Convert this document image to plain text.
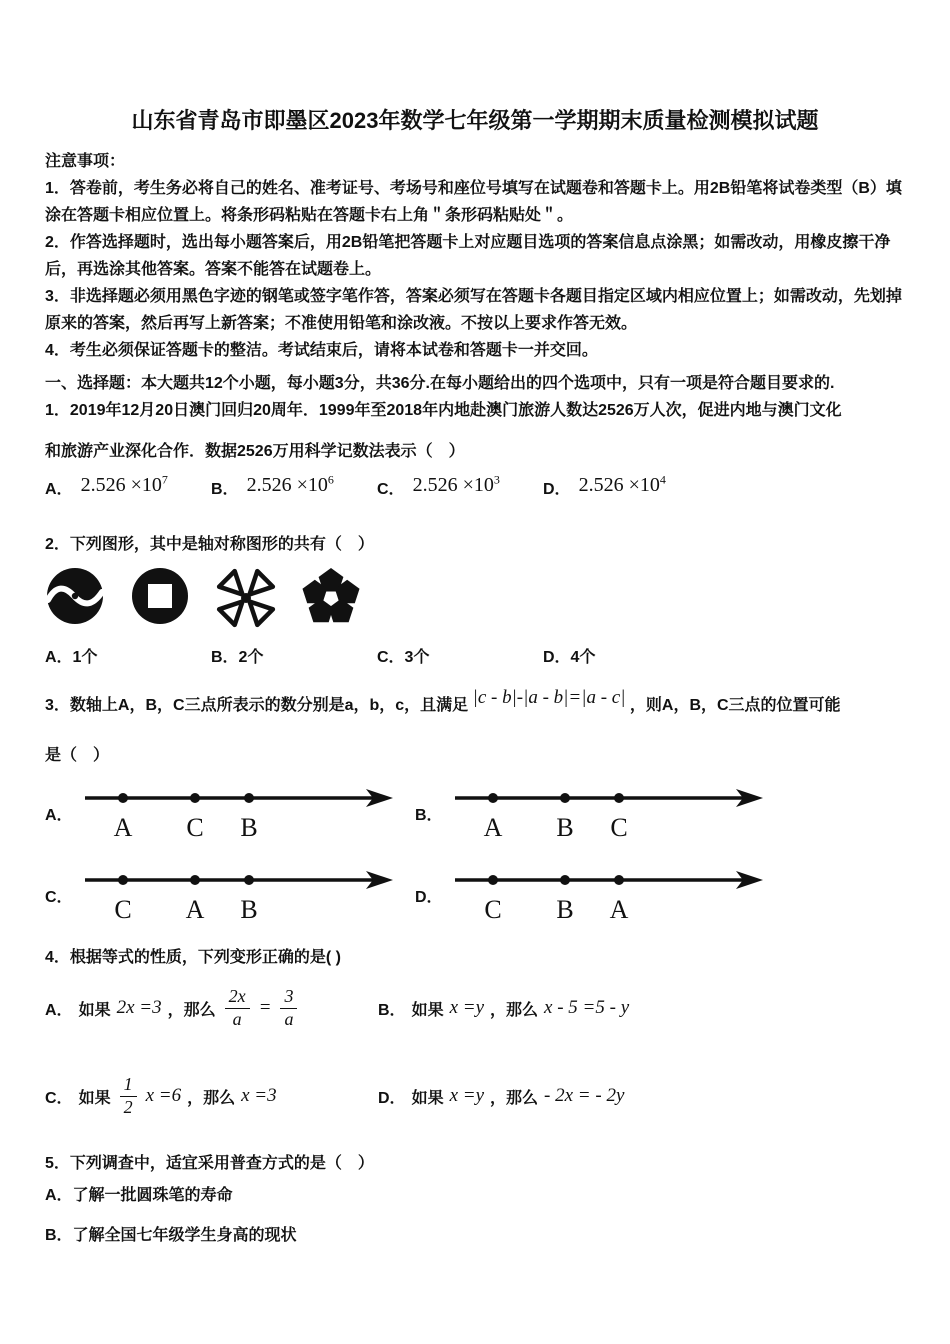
山东省青岛市即墨区2023年数学七年级第一学期期末质量检测模拟试题

注意事项：

1．答卷前，考生务必将自己的姓名、准考证号、考场号和座位号填写在试题卷和答题卡上。用2B铅笔将试卷类型（B）填涂在答题卡相应位置上。将条形码粘贴在答题卡右上角＂条形码粘贴处＂。

2．作答选择题时，选出每小题答案后，用2B铅笔把答题卡上对应题目选项的答案信息点涂黑；如需改动，用橡皮擦干净后，再选涂其他答案。答案不能答在试题卷上。

3．非选择题必须用黑色字迹的钢笔或签字笔作答，答案必须写在答题卡各题目指定区域内相应位置上；如需改动，先划掉原来的答案，然后再写上新答案；不准使用铅笔和涂改液。不按以上要求作答无效。

4．考生必须保证答题卡的整洁。考试结束后，请将本试卷和答题卡一并交回。

一、选择题：本大题共12个小题，每小题3分，共36分.在每小题给出的四个选项中，只有一项是符合题目要求的.
1．2019年12月20日澳门回归20周年．1999年至2018年内地赴澳门旅游人数达2526万人次，促进内地与澳门文化
和旅游产业深化合作．数据2526万用科学记数法表示（　）
A． $2.526 \times 10^7$
B． $2.526 \times 10^6$
C． $2.526 \times 10^3$
D． $2.526 \times 10^4$
2．下列图形，其中是轴对称图形的共有（　）
A．1个	B．2个	C．3个	D．4个
3．数轴上A，B，C三点所表示的数分别是a，b，c，且满足 |c - b|-|a - b|=|a - c| ，则A，B，C三点的位置可能
是（　）
A． A C B	B． A B C
C． C A B	D． C B A
4．根据等式的性质，下列变形正确的是( )
A． 如果 2x =3 ，那么 $\frac{2x}{a} = \frac{3}{a}$	B． 如果 x =y ，那么 x - 5 =5 - y
C． 如果 $\frac{1}{2}$ x =6 ，那么 x =3	D． 如果 x =y ，那么 - 2x = - 2y
5．下列调查中，适宜采用普查方式的是（　）
A．了解一批圆珠笔的寿命
B．了解全国七年级学生身高的现状
